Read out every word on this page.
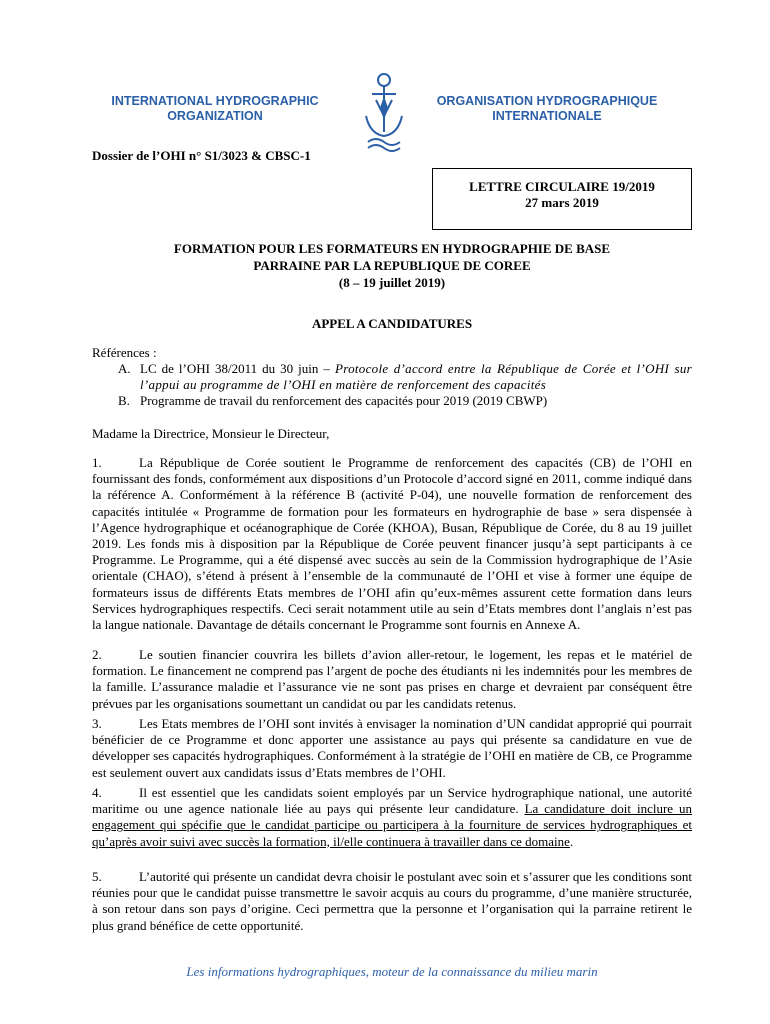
INTERNATIONAL HYDROGRAPHIC
ORGANIZATION
ORGANISATION HYDROGRAPHIQUE
INTERNATIONALE
Dossier de l’OHI n° S1/3023 & CBSC-1
LETTRE CIRCULAIRE 19/2019
27 mars 2019
FORMATION POUR LES FORMATEURS EN HYDROGRAPHIE DE BASE
PARRAINE PAR LA REPUBLIQUE DE COREE
(8 – 19 juillet 2019)
APPEL A CANDIDATURES
Références :
A. LC de l’OHI 38/2011 du 30 juin – Protocole d’accord entre la République de Corée et l’OHI sur l’appui au programme de l’OHI en matière de renforcement des capacités
B. Programme de travail du renforcement des capacités pour 2019 (2019 CBWP)
Madame la Directrice, Monsieur le Directeur,
1.	La République de Corée soutient le Programme de renforcement des capacités (CB) de l’OHI en fournissant des fonds, conformément aux dispositions d’un Protocole d’accord signé en 2011, comme indiqué dans la référence A. Conformément à la référence B (activité P-04), une nouvelle formation de renforcement des capacités intitulée « Programme de formation pour les formateurs en hydrographie de base » sera dispensée à l’Agence hydrographique et océanographique de Corée (KHOA), Busan, République de Corée, du 8 au 19 juillet 2019. Les fonds mis à disposition par la République de Corée peuvent financer jusqu’à sept participants à ce Programme. Le Programme, qui a été dispensé avec succès au sein de la Commission hydrographique de l’Asie orientale (CHAO), s’étend à présent à l’ensemble de la communauté de l’OHI et vise à former une équipe de formateurs issus de différents Etats membres de l’OHI afin qu’eux-mêmes assurent cette formation dans leurs Services hydrographiques respectifs. Ceci serait notamment utile au sein d’Etats membres dont l’anglais n’est pas la langue nationale. Davantage de détails concernant le Programme sont fournis en Annexe A.
2.	Le soutien financier couvrira les billets d’avion aller-retour, le logement, les repas et le matériel de formation. Le financement ne comprend pas l’argent de poche des étudiants ni les indemnités pour les membres de la famille. L’assurance maladie et l’assurance vie ne sont pas prises en charge et devraient par conséquent être prévues par les organisations soumettant un candidat ou par les candidats retenus.
3.	Les Etats membres de l’OHI sont invités à envisager la nomination d’UN candidat approprié qui pourrait bénéficier de ce Programme et donc apporter une assistance au pays qui présente sa candidature en vue de développer ses capacités hydrographiques. Conformément à la stratégie de l’OHI en matière de CB, ce Programme est seulement ouvert aux candidats issus d’Etats membres de l’OHI.
4.	Il est essentiel que les candidats soient employés par un Service hydrographique national, une autorité maritime ou une agence nationale liée au pays qui présente leur candidature. La candidature doit inclure un engagement qui spécifie que le candidat participe ou participera à la fourniture de services hydrographiques et qu’après avoir suivi avec succès la formation, il/elle continuera à travailler dans ce domaine.
5.	L’autorité qui présente un candidat devra choisir le postulant avec soin et s’assurer que les conditions sont réunies pour que le candidat puisse transmettre le savoir acquis au cours du programme, d’une manière structurée, à son retour dans son pays d’origine. Ceci permettra que la personne et l’organisation qui la parraine retirent le plus grand bénéfice de cette opportunité.
Les informations hydrographiques, moteur de la connaissance du milieu marin
